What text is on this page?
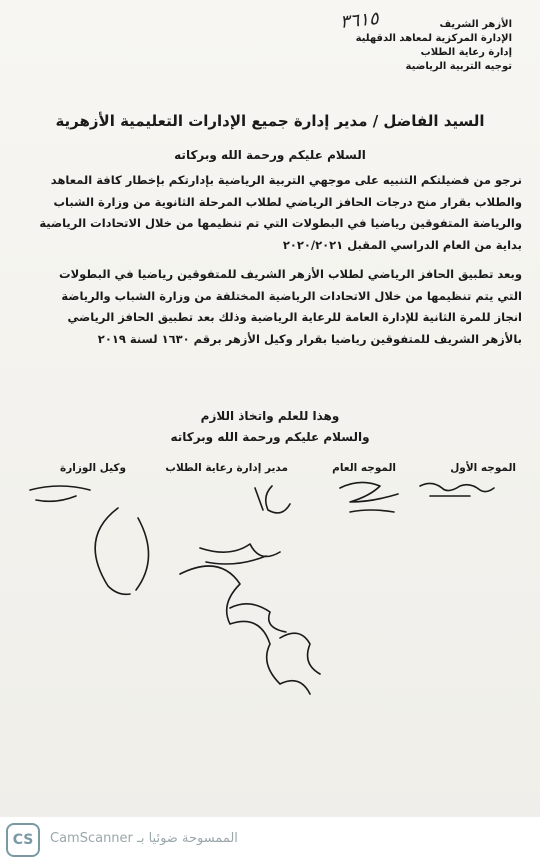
٣٦١٥	الأزهر الشريف
الإدارة المركزية لمعاهد الدقهلية
إدارة رعاية الطلاب
توجيه التربية الرياضية
السيد الفاضل / مدير إدارة جميع الإدارات التعليمية الأزهرية
السلام عليكم ورحمة الله وبركاته
نرجو من فضيلتكم التنبيه على موجهي التربية الرياضية بإدارتكم بإخطار كافة المعاهد
والطلاب بقرار منح درجات الحافز الرياضي لطلاب المرحلة الثانوية من وزارة الشباب
والرياضة المتفوقين رياضيا في البطولات التي تم تنظيمها من خلال الاتحادات الرياضية
بداية من العام الدراسي المقبل ٢٠٢٠/٢٠٢١
وبعد تطبيق الحافز الرياضي لطلاب الأزهر الشريف للمتفوقين رياضيا في البطولات
التي يتم تنظيمها من خلال الاتحادات الرياضية المختلفة من وزارة الشباب والرياضة
انجاز للمرة الثانية للإدارة العامة للرعاية الرياضية وذلك بعد تطبيق الحافز الرياضي
بالأزهر الشريف للمتفوقين رياضيا بقرار وكيل الأزهر برقم ١٦٣٠ لسنة ٢٠١٩
وهذا للعلم واتخاذ اللازم
والسلام عليكم ورحمة الله وبركاته
الموجه الأول
الموجه العام
مدير إدارة رعاية الطلاب
وكيل الوزارة
CS	CamScanner الممسوحة ضوئيا بـ
